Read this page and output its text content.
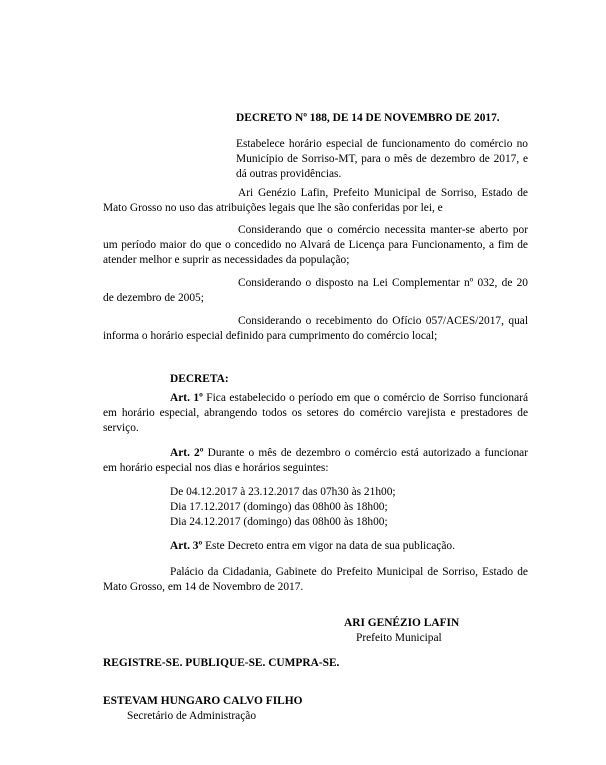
DECRETO Nº 188, DE 14 DE NOVEMBRO DE 2017.

Estabelece horário especial de funcionamento do comércio no Município de Sorriso-MT, para o mês de dezembro de 2017, e dá outras providências.

Ari Genézio Lafin, Prefeito Municipal de Sorriso, Estado de Mato Grosso no uso das atribuições legais que lhe são conferidas por lei, e

Considerando que o comércio necessita manter-se aberto por um período maior do que o concedido no Alvará de Licença para Funcionamento, a fim de atender melhor e suprir as necessidades da população;

Considerando o disposto na Lei Complementar nº 032, de 20 de dezembro de 2005;

Considerando o recebimento do Ofício 057/ACES/2017, qual informa o horário especial definido para cumprimento do comércio local;

DECRETA:

Art. 1º Fica estabelecido o período em que o comércio de Sorriso funcionará em horário especial, abrangendo todos os setores do comércio varejista e prestadores de serviço.

Art. 2º Durante o mês de dezembro o comércio está autorizado a funcionar em horário especial nos dias e horários seguintes:

De 04.12.2017 à 23.12.2017 das 07h30 às 21h00;
Dia 17.12.2017 (domingo) das 08h00 às 18h00;
Dia 24.12.2017 (domingo) das 08h00 às 18h00;

Art. 3º Este Decreto entra em vigor na data de sua publicação.

Palácio da Cidadania, Gabinete do Prefeito Municipal de Sorriso, Estado de Mato Grosso, em 14 de Novembro de 2017.

ARI GENÉZIO LAFIN
Prefeito Municipal

REGISTRE-SE. PUBLIQUE-SE. CUMPRA-SE.

ESTEVAM HUNGARO CALVO FILHO
Secretário de Administração
